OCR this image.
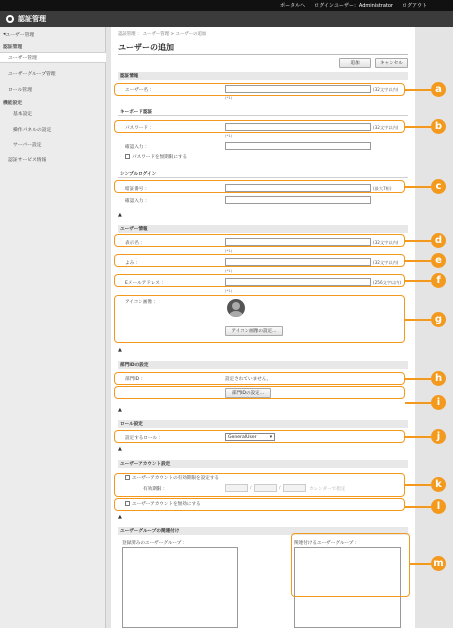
ポータルへ ログインユーザー：Administrator ログアウト
認証管理
◂ ユーザー管理
認証管理
ユーザー管理
ユーザーグループ管理
ロール管理
機能設定
基本設定
操作パネルの設定
サーバー設定
認証サービス情報
認証管理 ： ユーザー管理 > ユーザーの追加
ユーザーの追加
追加	キャンセル
認証情報
ユーザー名 ：	(32文字以内)
(*1)
キーボード認証
パスワード ：	(32文字以内)
(*1)
確認入力 ：
パスワードを無期限にする
シンプルログイン
暗証番号 ：	(最大7桁)
確認入力 ：
▲
ユーザー情報
表示名 ：	(32文字以内)
(*1)
よみ ：	(32文字以内)
(*1)
Eメールアドレス ：	(256文字以内)
(*1)
アイコン画像 ：
アイコン画像の設定...
▲
部門IDの設定
部門ID ：	設定されていません。
部門IDの設定...
▲
ロール設定
設定するロール ：	GeneralUser	▾
▲
ユーザーアカウント設定
ユーザーアカウントの有効期限を設定する
有効期限 ：	/	/	カレンダーで指定
ユーザーアカウントを無効にする
▲
ユーザーグループの関連付け
登録済みのユーザーグループ ：	関連付けるユーザーグループ ：
a
b
c
d
e
f
g
h
i
j
k
l
m
